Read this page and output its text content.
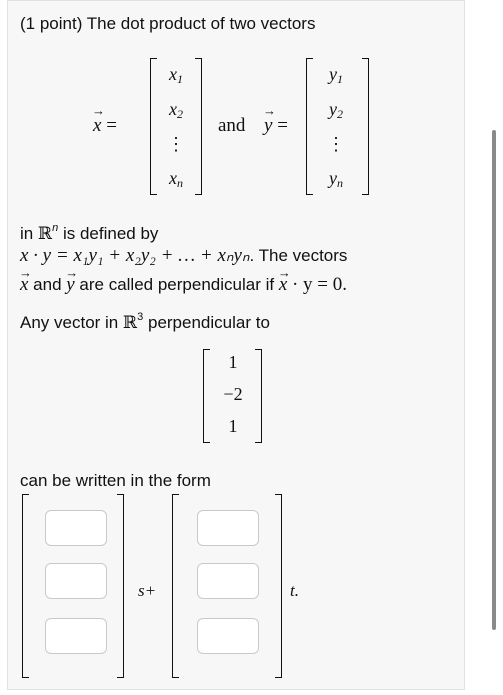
(1 point) The dot product of two vectors
→ x =
$x_1$
$x_2$
⋮
$x_n$
and
→ y =
$y_1$
$y_2$
⋮
$y_n$
in ℝ$^n$ is defined by
x · y = x₁y₁ + x₂y₂ + … + xₙyₙ. The vectors
→ x and → y are called perpendicular if → x · y = 0.
Any vector in ℝ$^3$ perpendicular to
1
−2
1
can be written in the form
s+	t.
